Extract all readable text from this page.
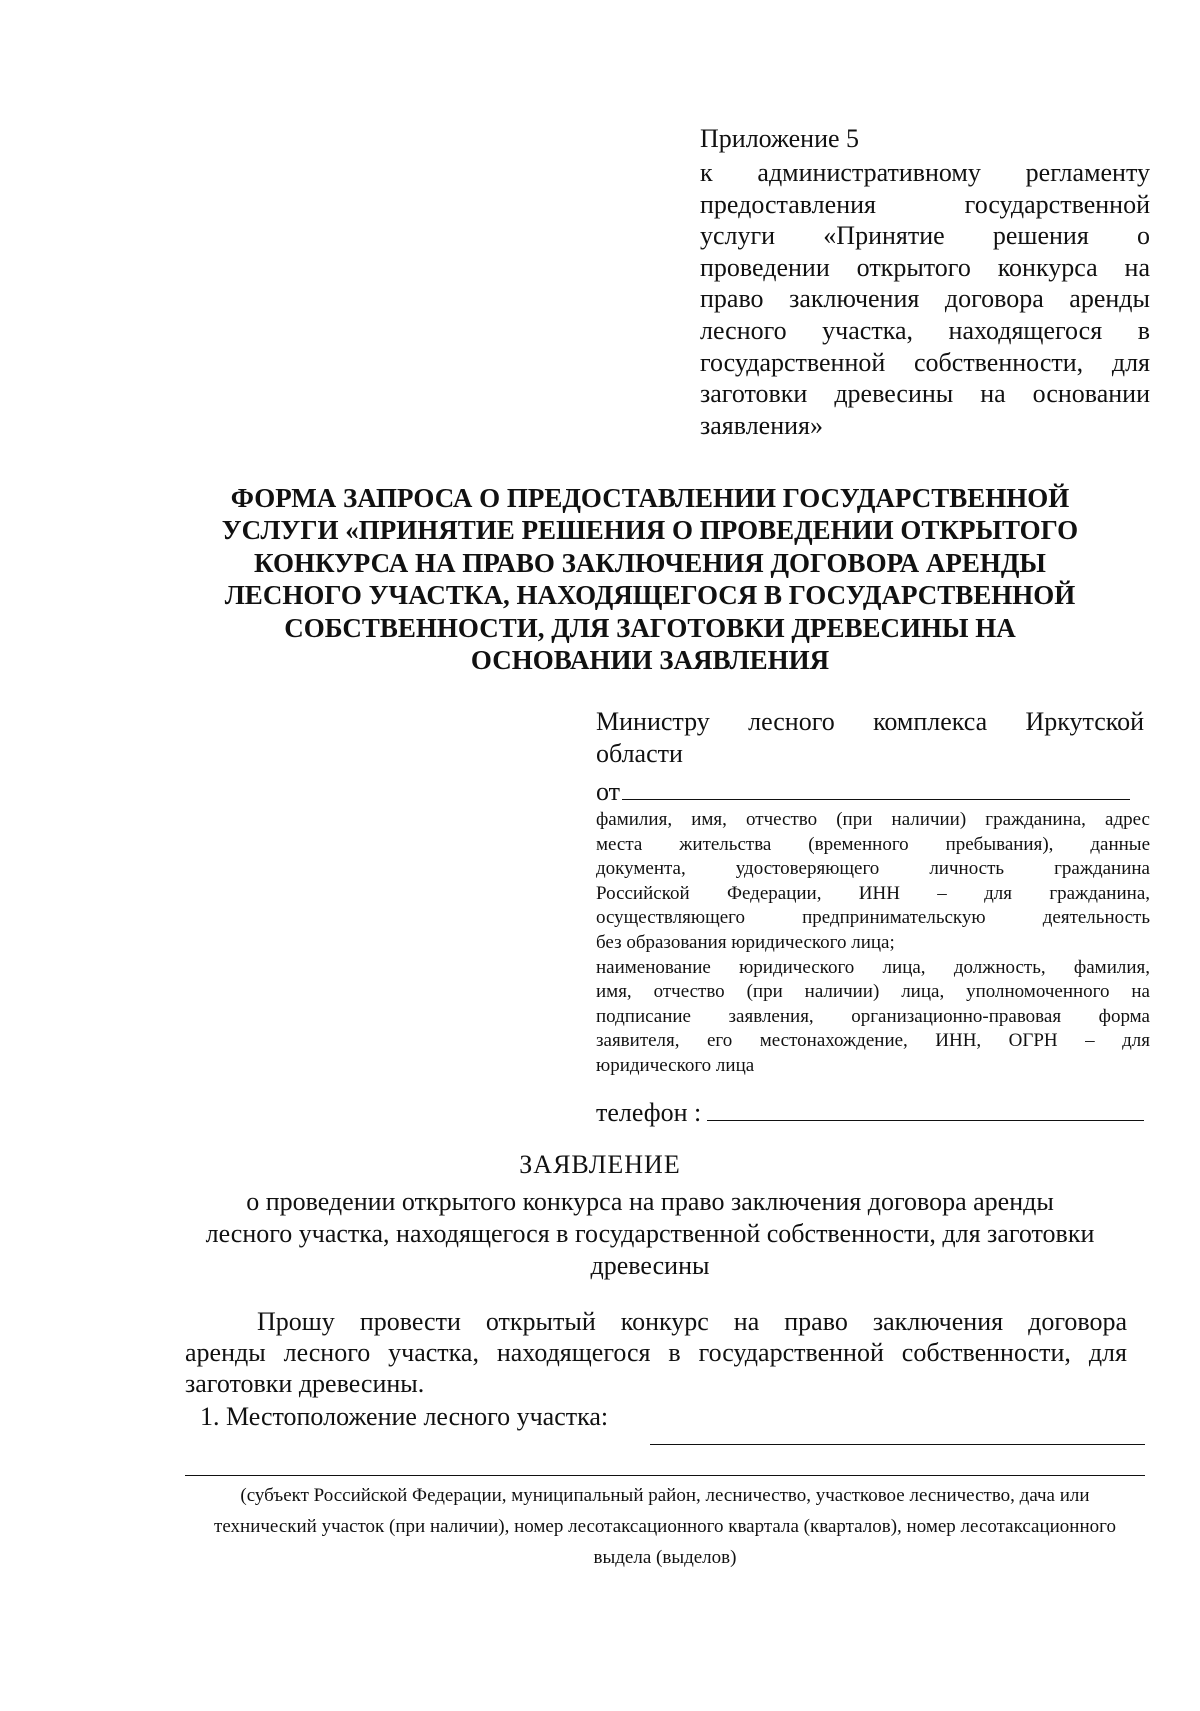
Приложение 5
к административному регламенту
предоставления государственной
услуги «Принятие решения о
проведении открытого конкурса на
право заключения договора аренды
лесного участка, находящегося в
государственной собственности, для
заготовки древесины на основании
заявления»
ФОРМА ЗАПРОСА О ПРЕДОСТАВЛЕНИИ ГОСУДАРСТВЕННОЙ УСЛУГИ «ПРИНЯТИЕ РЕШЕНИЯ О ПРОВЕДЕНИИ ОТКРЫТОГО КОНКУРСА НА ПРАВО ЗАКЛЮЧЕНИЯ ДОГОВОРА АРЕНДЫ ЛЕСНОГО УЧАСТКА, НАХОДЯЩЕГОСЯ В ГОСУДАРСТВЕННОЙ СОБСТВЕННОСТИ, ДЛЯ ЗАГОТОВКИ ДРЕВЕСИНЫ НА ОСНОВАНИИ ЗАЯВЛЕНИЯ
Министру лесного комплекса Иркутской
области
от
фамилия, имя, отчество (при наличии) гражданина, адрес
места жительства (временного пребывания), данные
документа, удостоверяющего личность гражданина
Российской Федерации, ИНН – для гражданина,
осуществляющего предпринимательскую деятельность
без образования юридического лица;
наименование юридического лица, должность, фамилия,
имя, отчество (при наличии) лица, уполномоченного на
подписание заявления, организационно-правовая форма
заявителя, его местонахождение, ИНН, ОГРН – для
юридического лица
телефон :
ЗАЯВЛЕНИЕ
о проведении открытого конкурса на право заключения договора аренды лесного участка, находящегося в государственной собственности, для заготовки древесины
Прошу провести открытый конкурс на право заключения договора
аренды лесного участка, находящегося в государственной собственности, для
заготовки древесины.
1. Местоположение лесного участка:
(субъект Российской Федерации, муниципальный район, лесничество, участковое лесничество, дача или технический участок (при наличии), номер лесотаксационного квартала (кварталов), номер лесотаксационного выдела (выделов)
